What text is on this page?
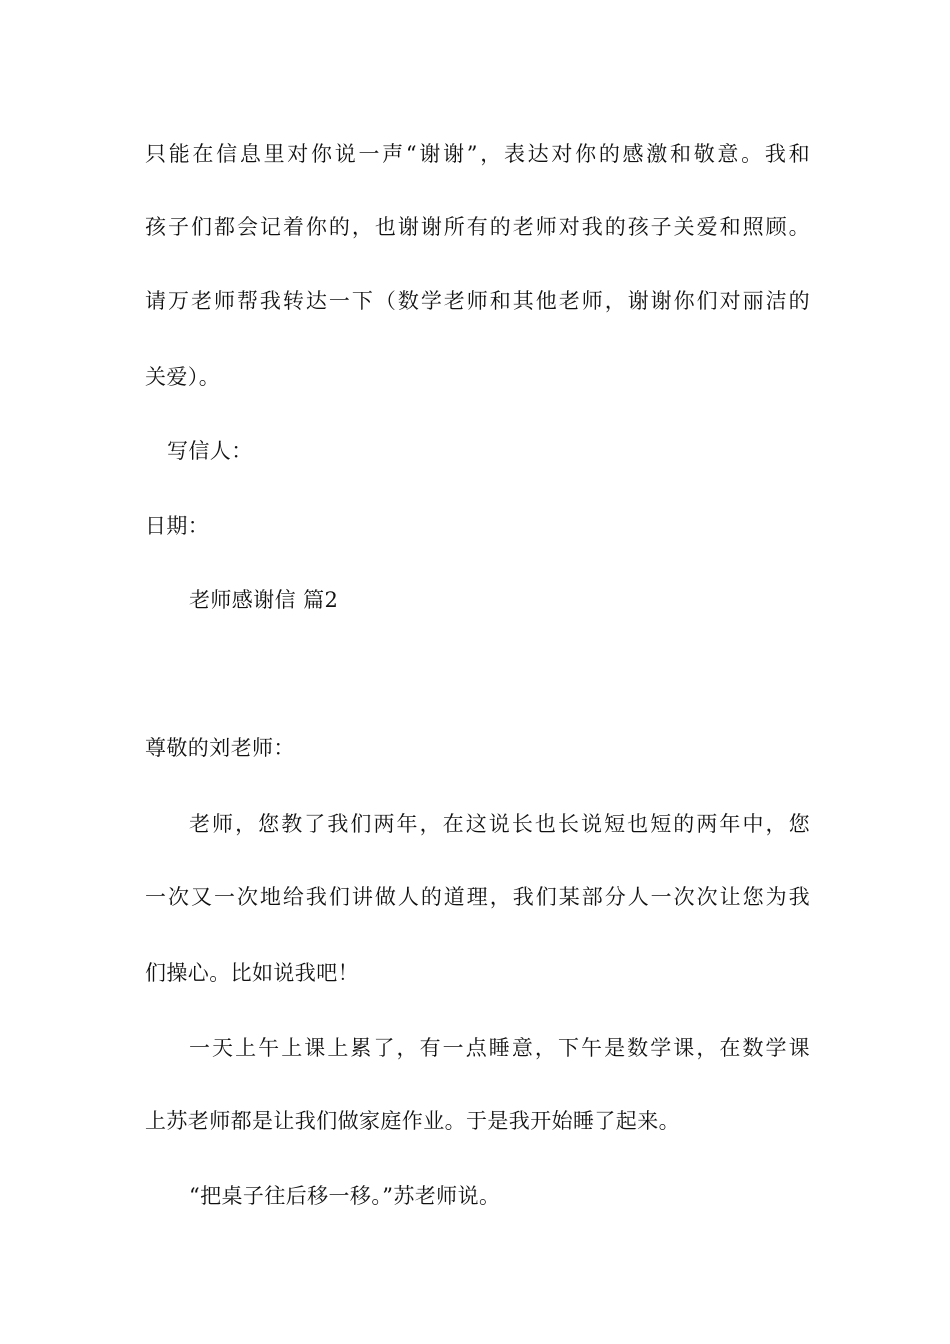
只能在信息里对你说一声“谢谢”，表达对你的感激和敬意。我和
孩子们都会记着你的，也谢谢所有的老师对我的孩子关爱和照顾。
请万老师帮我转达一下（数学老师和其他老师，谢谢你们对丽洁的
关爱）。
写信人：
日期：
老师感谢信 篇2
尊敬的刘老师：
老师，您教了我们两年，在这说长也长说短也短的两年中，您
一次又一次地给我们讲做人的道理，我们某部分人一次次让您为我
们操心。比如说我吧！
一天上午上课上累了，有一点睡意，下午是数学课，在数学课
上苏老师都是让我们做家庭作业。于是我开始睡了起来。
“把桌子往后移一移。”苏老师说。
